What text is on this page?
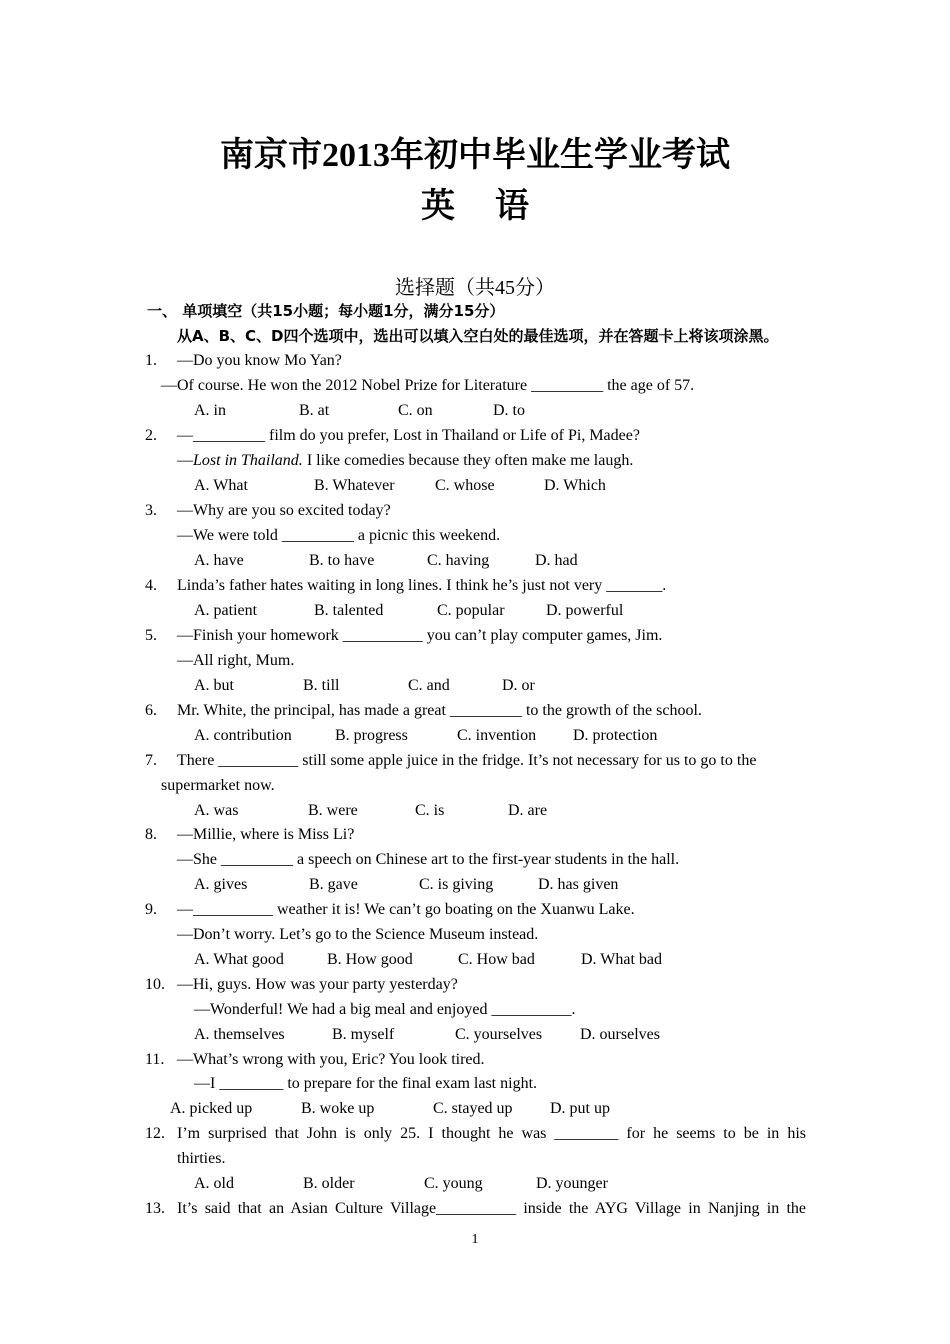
南京市2013年初中毕业生学业考试
英语
选择题（共45分）
一、 单项填空（共15小题；每小题1分，满分15分）
从A、B、C、D四个选项中，选出可以填入空白处的最佳选项，并在答题卡上将该项涂黑。
1. —Do you know Mo Yan?
—Of course. He won the 2012 Nobel Prize for Literature _________ the age of 57.
A. in	B. at	C. on	D. to
2. —_________ film do you prefer, Lost in Thailand or Life of Pi, Madee?
—Lost in Thailand. I like comedies because they often make me laugh.
A. What	B. Whatever	C. whose	D. Which
3. —Why are you so excited today?
—We were told _________ a picnic this weekend.
A. have	B. to have	C. having	D. had
4. Linda’s father hates waiting in long lines. I think he’s just not very _______.
A. patient	B. talented	C. popular	D. powerful
5. —Finish your homework __________ you can’t play computer games, Jim.
—All right, Mum.
A. but	B. till	C. and	D. or
6. Mr. White, the principal, has made a great _________ to the growth of the school.
A. contribution	B. progress	C. invention D. protection
7. There __________ still some apple juice in the fridge. It’s not necessary for us to go to the
supermarket now.
A. was	B. were	C. is	D. are
8. —Millie, where is Miss Li?
—She _________ a speech on Chinese art to the first-year students in the hall.
A. gives	B. gave	C. is giving	D. has given
9. —__________ weather it is! We can’t go boating on the Xuanwu Lake.
—Don’t worry. Let’s go to the Science Museum instead.
A. What good	B. How good	C. How bad	D. What bad
10. —Hi, guys. How was your party yesterday?
—Wonderful! We had a big meal and enjoyed __________.
A. themselves	B. myself	C. yourselves D. ourselves
11. —What’s wrong with you, Eric? You look tired.
—I ________ to prepare for the final exam last night.
A. picked up	B. woke up	C. stayed up D. put up
12. I’m surprised that John is only 25. I thought he was ________ for he seems to be in his
thirties.
A. old	B. older	C. young	D. younger
13. It’s said that an Asian Culture Village__________ inside the AYG Village in Nanjing in the
1
